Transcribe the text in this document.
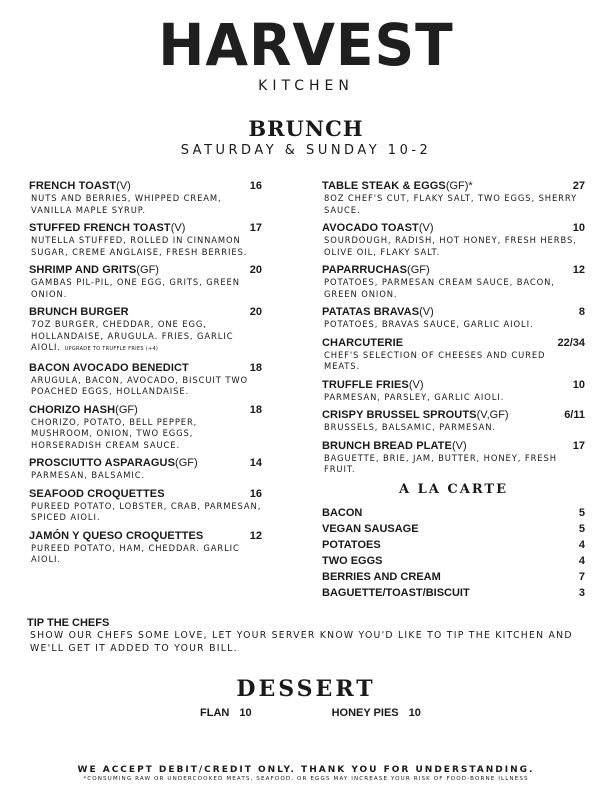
HARVEST
KITCHEN
BRUNCH
SATURDAY & SUNDAY 10-2
FRENCH TOAST(V)	16
NUTS AND BERRIES, WHIPPED CREAM, VANILLA MAPLE SYRUP.
STUFFED FRENCH TOAST(V)	17
NUTELLA STUFFED, ROLLED IN CINNAMON SUGAR, CREME ANGLAISE, FRESH BERRIES.
SHRIMP AND GRITS(GF)	20
GAMBAS PIL-PIL, ONE EGG, GRITS, GREEN ONION.
BRUNCH BURGER	20
7OZ BURGER, CHEDDAR, ONE EGG, HOLLANDAISE, ARUGULA. FRIES, GARLIC AIOLI. UPGRADE TO TRUFFLE FRIES (+4)
BACON AVOCADO BENEDICT	18
ARUGULA, BACON, AVOCADO, BISCUIT TWO POACHED EGGS, HOLLANDAISE.
CHORIZO HASH(GF)	18
CHORIZO, POTATO, BELL PEPPER, MUSHROOM, ONION, TWO EGGS, HORSERADISH CREAM SAUCE.
PROSCIUTTO ASPARAGUS(GF)	14
PARMESAN, BALSAMIC.
SEAFOOD CROQUETTES	16
PUREED POTATO, LOBSTER, CRAB, PARMESAN, SPICED AIOLI.
JAMÓN Y QUESO CROQUETTES	12
PUREED POTATO, HAM, CHEDDAR. GARLIC AIOLI.
TABLE STEAK & EGGS(GF)*	27
8OZ CHEF'S CUT, FLAKY SALT, TWO EGGS, SHERRY SAUCE.
AVOCADO TOAST(V)	10
SOURDOUGH, RADISH, HOT HONEY, FRESH HERBS, OLIVE OIL, FLAKY SALT.
PAPARRUCHAS(GF)	12
POTATOES, PARMESAN CREAM SAUCE, BACON, GREEN ONION.
PATATAS BRAVAS(V)	8
POTATOES, BRAVAS SAUCE, GARLIC AIOLI.
CHARCUTERIE	22/34
CHEF'S SELECTION OF CHEESES AND CURED MEATS.
TRUFFLE FRIES(V)	10
PARMESAN, PARSLEY, GARLIC AIOLI.
CRISPY BRUSSEL SPROUTS(V,GF)	6/11
BRUSSELS, BALSAMIC, PARMESAN.
BRUNCH BREAD PLATE(V)	17
BAGUETTE, BRIE, JAM, BUTTER, HONEY, FRESH FRUIT.
A LA CARTE
BACON	5
VEGAN SAUSAGE	5
POTATOES	4
TWO EGGS	4
BERRIES AND CREAM	7
BAGUETTE/TOAST/BISCUIT	3
TIP THE CHEFS
SHOW OUR CHEFS SOME LOVE, LET YOUR SERVER KNOW YOU'D LIKE TO TIP THE KITCHEN AND WE'LL GET IT ADDED TO YOUR BILL.
DESSERT
FLAN 10	HONEY PIES 10
WE ACCEPT DEBIT/CREDIT ONLY. THANK YOU FOR UNDERSTANDING.
*CONSUMING RAW OR UNDERCOOKED MEATS, SEAFOOD, OR EGGS MAY INCREASE YOUR RISK OF FOOD-BORNE ILLNESS
